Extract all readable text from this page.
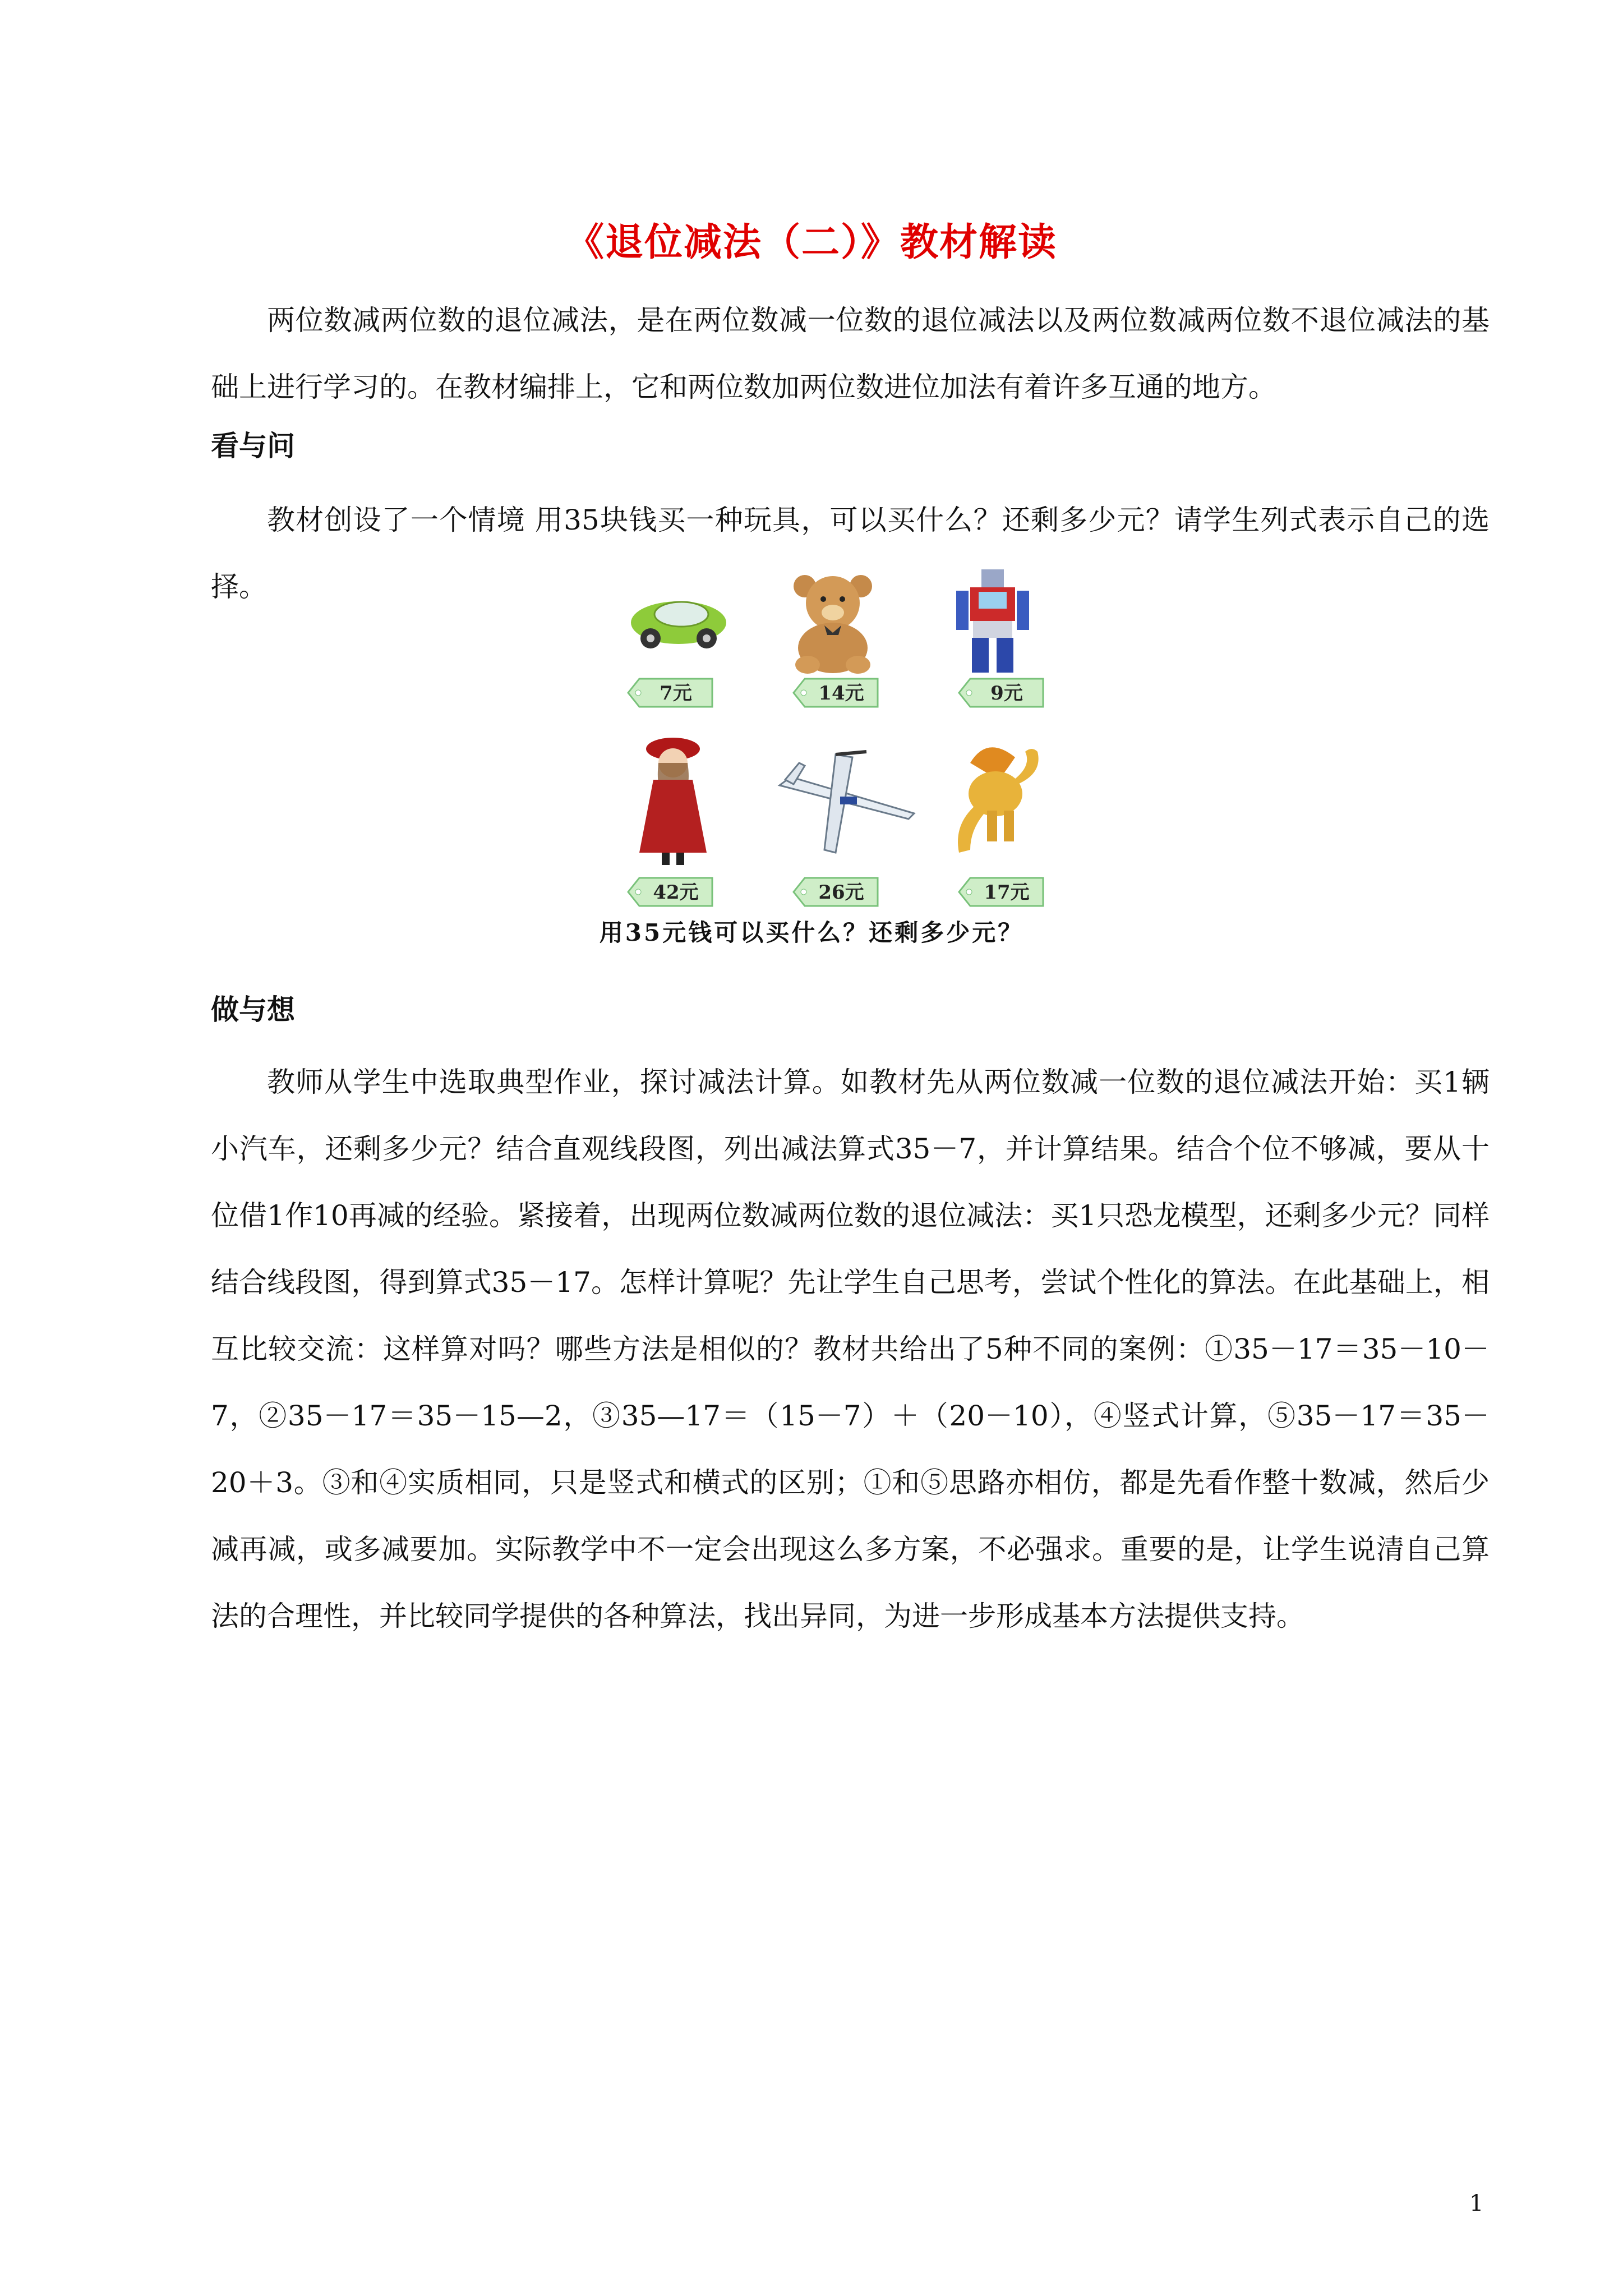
《退位减法（二）》教材解读

两位数减两位数的退位减法，是在两位数减一位数的退位减法以及两位数减两位数不退位减法的基础上进行学习的。在教材编排上，它和两位数加两位数进位加法有着许多互通的地方。

看与问

教材创设了一个情境 用35块钱买一种玩具，可以买什么？还剩多少元？请学生列式表示自己的选择。

7元	14元	9元
42元	26元	17元
用35元钱可以买什么？还剩多少元？

做与想

教师从学生中选取典型作业，探讨减法计算。如教材先从两位数减一位数的退位减法开始：买1辆小汽车，还剩多少元？结合直观线段图，列出减法算式35－7，并计算结果。结合个位不够减，要从十位借1作10再减的经验。紧接着，出现两位数减两位数的退位减法：买1只恐龙模型，还剩多少元？同样结合线段图，得到算式35－17。怎样计算呢？先让学生自己思考，尝试个性化的算法。在此基础上，相互比较交流：这样算对吗？哪些方法是相似的？教材共给出了5种不同的案例：①35－17＝35－10－7，②35－17＝35－15—2，③35—17＝（15－7）＋（20－10），④竖式计算，⑤35－17＝35－20＋3。③和④实质相同，只是竖式和横式的区别；①和⑤思路亦相仿，都是先看作整十数减，然后少减再减，或多减要加。实际教学中不一定会出现这么多方案，不必强求。重要的是，让学生说清自己算法的合理性，并比较同学提供的各种算法，找出异同，为进一步形成基本方法提供支持。

1
